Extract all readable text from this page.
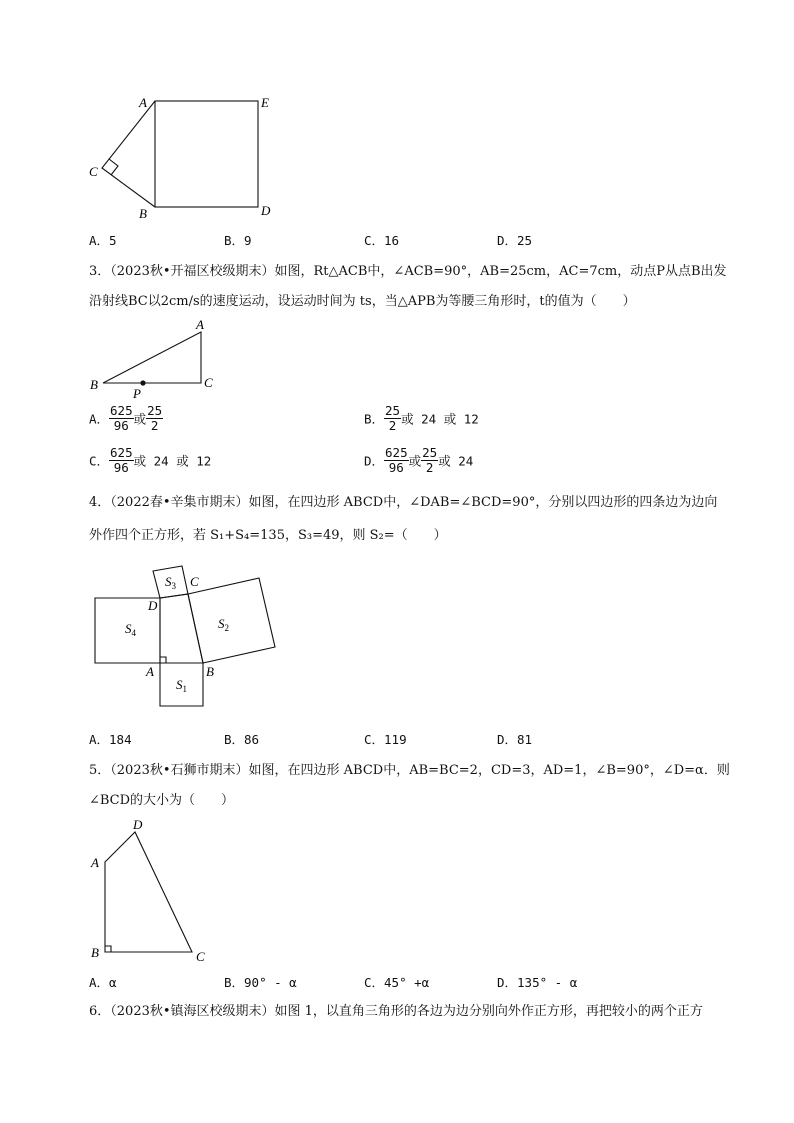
A	E
C
B	D
A．5	B．9	C．16	D．25
3．（2023秋•开福区校级期末）如图，Rt△ACB中，∠ACB=90°，AB=25cm，AC=7cm，动点P从点B出发
沿射线BC以2cm/s的速度运动，设运动时间为 ts，当△APB为等腰三角形时，t的值为（　　）
A
B	C
P
A． $\frac{625}{96}$ 或 $\frac{25}{2}$	B． $\frac{25}{2}$ 或 24 或 12
C． $\frac{625}{96}$ 或 24 或 12	D． $\frac{625}{96}$ 或 $\frac{25}{2}$ 或 24
4．（2022春•辛集市期末）如图，在四边形 ABCD中，∠DAB=∠BCD=90°，分别以四边形的四条边为边向
外作四个正方形，若 S₁+S₄=135，S₃=49，则 S₂=（　　）
C
D
A	B
$S_3$
$S_4$
$S_2$
$S_1$
A．184	B．86	C．119	D．81
5．（2023秋•石狮市期末）如图，在四边形 ABCD中，AB=BC=2，CD=3，AD=1，∠B=90°，∠D=α．则
∠BCD的大小为（　　）
D
A
B	C
A．α	B．90° - α	C．45° +α	D．135° - α
6．（2023秋•镇海区校级期末）如图 1，以直角三角形的各边为边分别向外作正方形，再把较小的两个正方
